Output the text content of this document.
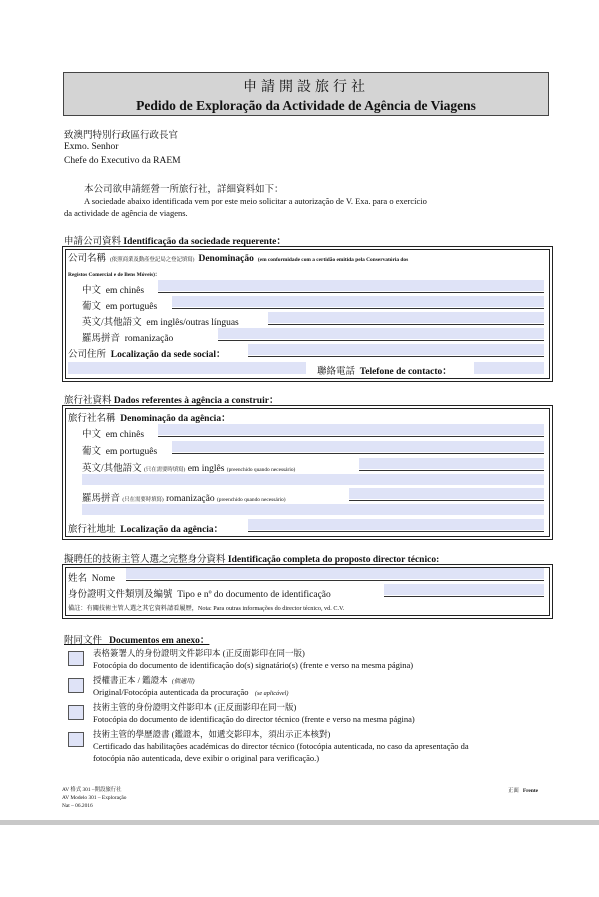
申請開設旅行社
Pedido de Exploração da Actividade de Agência de Viagens
致澳門特別行政區行政長官
Exmo. Senhor
Chefe do Executivo da RAEM
本公司欲申請經營一所旅行社，詳細資料如下：
A sociedade abaixo identificada vem por este meio solicitar a autorização de V. Exa. para o exercício
da actividade de agência de viagens.
申請公司資料 Identificação da sociedade requerente：
公司名稱 (依照商業及動產登記局之登記填寫) Denominação (em conformidade com a certidão emitida pela Conservatória dos
Registos Comercial e de Bens Móveis)：
中文 em chinês
葡文 em português
英文/其他語文 em inglês/outras línguas
羅馬拼音 romanização
公司住所 Localização da sede social：
聯絡電話 Telefone de contacto：
旅行社資料 Dados referentes à agência a construir：
旅行社名稱 Denominação da agência：
中文 em chinês
葡文 em português
英文/其他語文 (只在需要時填寫) em inglês (preenchido quando necessário)
羅馬拼音 (只在需要時填寫) romanização (preenchido quando necessário)
旅行社地址 Localização da agência：
擬聘任的技術主管人選之完整身分資料 Identificação completa do proposto director técnico:
姓名 Nome
身份證明文件類別及編號 Tipo e nº do documento de identificação
備註：有關技術主管人選之其它資料請看履歷，Nota: Para outras informações do director técnico, vd. C.V.
附同文件 Documentos em anexo：
表格簽署人的身份證明文件影印本 (正反面影印在同一版)
Fotocópia do documento de identificação do(s) signatário(s) (frente e verso na mesma página)
授權書正本 / 鑑證本 (倘適用)
Original/Fotocópia autenticada da procuração (se aplicável)
技術主管的身份證明文件影印本 (正反面影印在同一版)
Fotocópia do documento de identificação do director técnico (frente e verso na mesma página)
技術主管的學歷證書 (鑑證本，如遞交影印本，須出示正本核對)
Certificado das habilitações académicas do director técnico (fotocópia autenticada, no caso da apresentação da
fotocópia não autenticada, deve exibir o original para verificação.)
AV 格式 301 –開設旅行社
AV Modelo 301 – Exploração
Nat – 06.2016
正面 Frente
